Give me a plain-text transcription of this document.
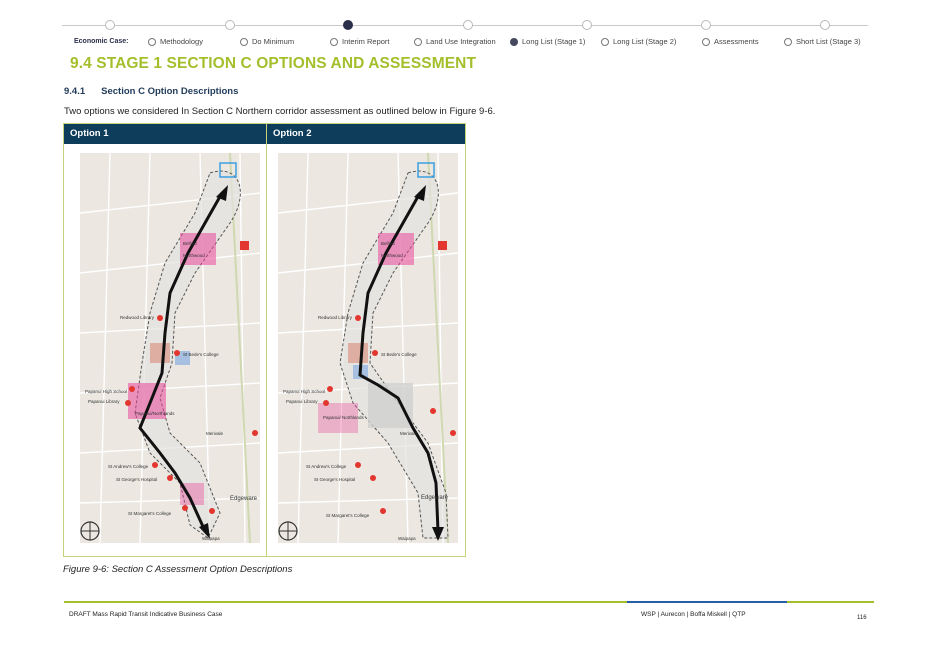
Economic Case:	Methodology	Do Minimum	Interim Report	Land Use Integration	Long List (Stage 1)	Long List (Stage 2)	Assessments	Short List (Stage 3)
9.4 STAGE 1 SECTION C OPTIONS AND ASSESSMENT
9.4.1 Section C Option Descriptions
Two options we considered In Section C Northern corridor assessment as outlined below in Figure 9-6.
Option 1	Option 2
Belfast
Northwood
Redwood Library
St Bede's College
Papanui High School
Papanui Library
Papanui/Northlands
Merivale
St Andrew's College
St George's Hospital
Edgeware
St Margaret's College
Waipapa
Belfast
Northwood
Redwood Library
St Bede's College
Papanui High School
Papanui Library
Papanui/ Northlands
Merivale
St Andrew's College
St George's Hospital
Edgeware
St Margaret's College
Waipapa
Figure 9-6: Section C Assessment Option Descriptions
DRAFT Mass Rapid Transit Indicative Business Case	WSP | Aurecon | Boffa Miskell | QTP	116
